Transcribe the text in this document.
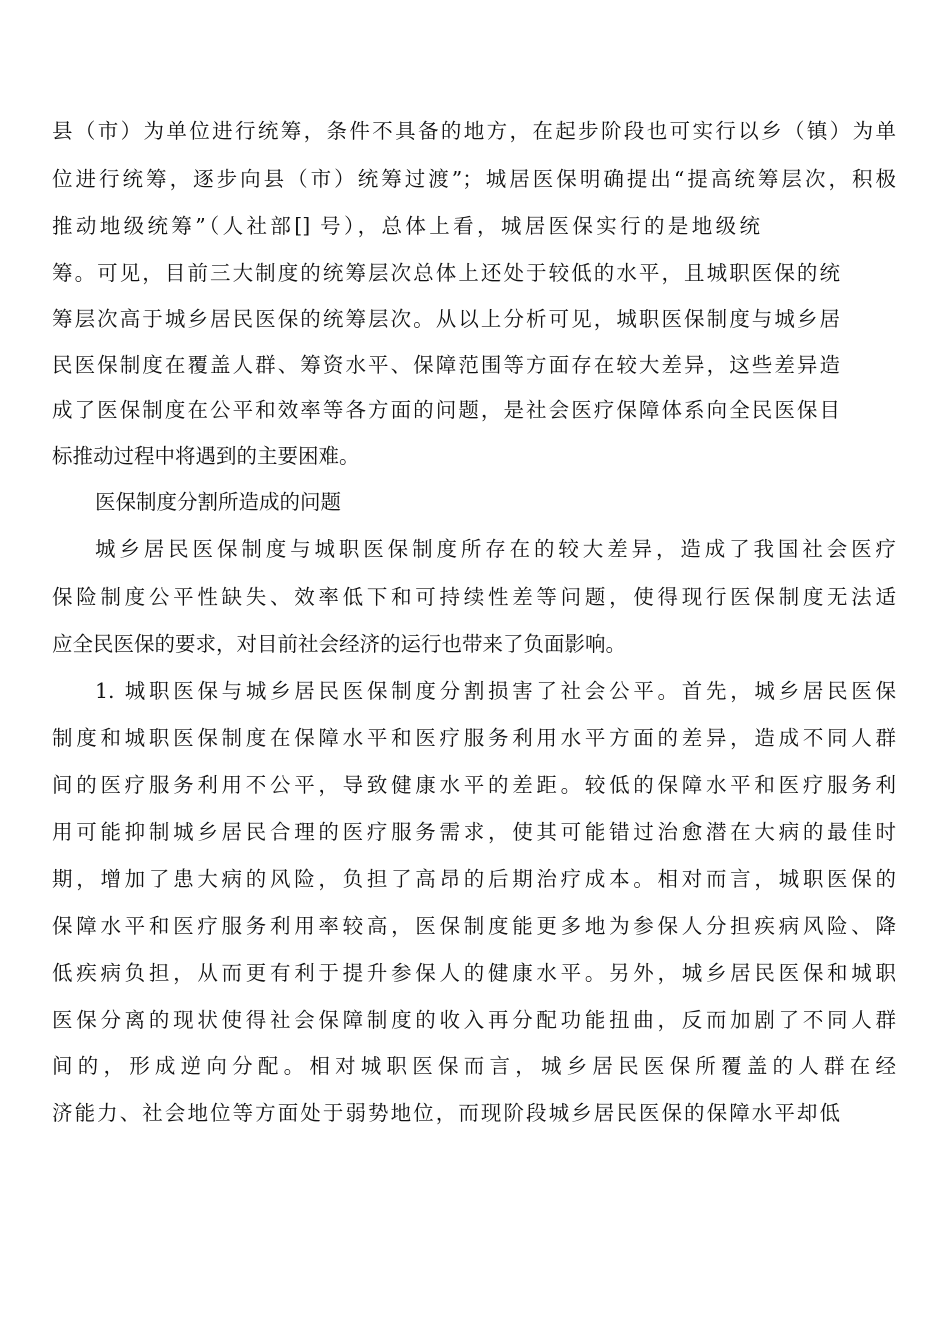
县（市）为单位进行统筹，条件不具备的地方，在起步阶段也可实行以乡（镇）为单
位进行统筹，逐步向县（市）统筹过渡”；城居医保明确提出“提高统筹层次，积极
推动地级统筹”（人社部[] 号），总体上看，城居医保实行的是地级统
筹。可见，目前三大制度的统筹层次总体上还处于较低的水平，且城职医保的统
筹层次高于城乡居民医保的统筹层次。从以上分析可见，城职医保制度与城乡居
民医保制度在覆盖人群、筹资水平、保障范围等方面存在较大差异，这些差异造
成了医保制度在公平和效率等各方面的问题，是社会医疗保障体系向全民医保目
标推动过程中将遇到的主要困难。
医保制度分割所造成的问题
城乡居民医保制度与城职医保制度所存在的较大差异，造成了我国社会医疗
保险制度公平性缺失、效率低下和可持续性差等问题，使得现行医保制度无法适
应全民医保的要求，对目前社会经济的运行也带来了负面影响。
1. 城职医保与城乡居民医保制度分割损害了社会公平。首先，城乡居民医保
制度和城职医保制度在保障水平和医疗服务利用水平方面的差异，造成不同人群
间的医疗服务利用不公平，导致健康水平的差距。较低的保障水平和医疗服务利
用可能抑制城乡居民合理的医疗服务需求，使其可能错过治愈潜在大病的最佳时
期，增加了患大病的风险，负担了高昂的后期治疗成本。相对而言，城职医保的
保障水平和医疗服务利用率较高，医保制度能更多地为参保人分担疾病风险、降
低疾病负担，从而更有利于提升参保人的健康水平。另外，城乡居民医保和城职
医保分离的现状使得社会保障制度的收入再分配功能扭曲，反而加剧了不同人群
间的，形成逆向分配。相对城职医保而言，城乡居民医保所覆盖的人群在经
济能力、社会地位等方面处于弱势地位，而现阶段城乡居民医保的保障水平却低
